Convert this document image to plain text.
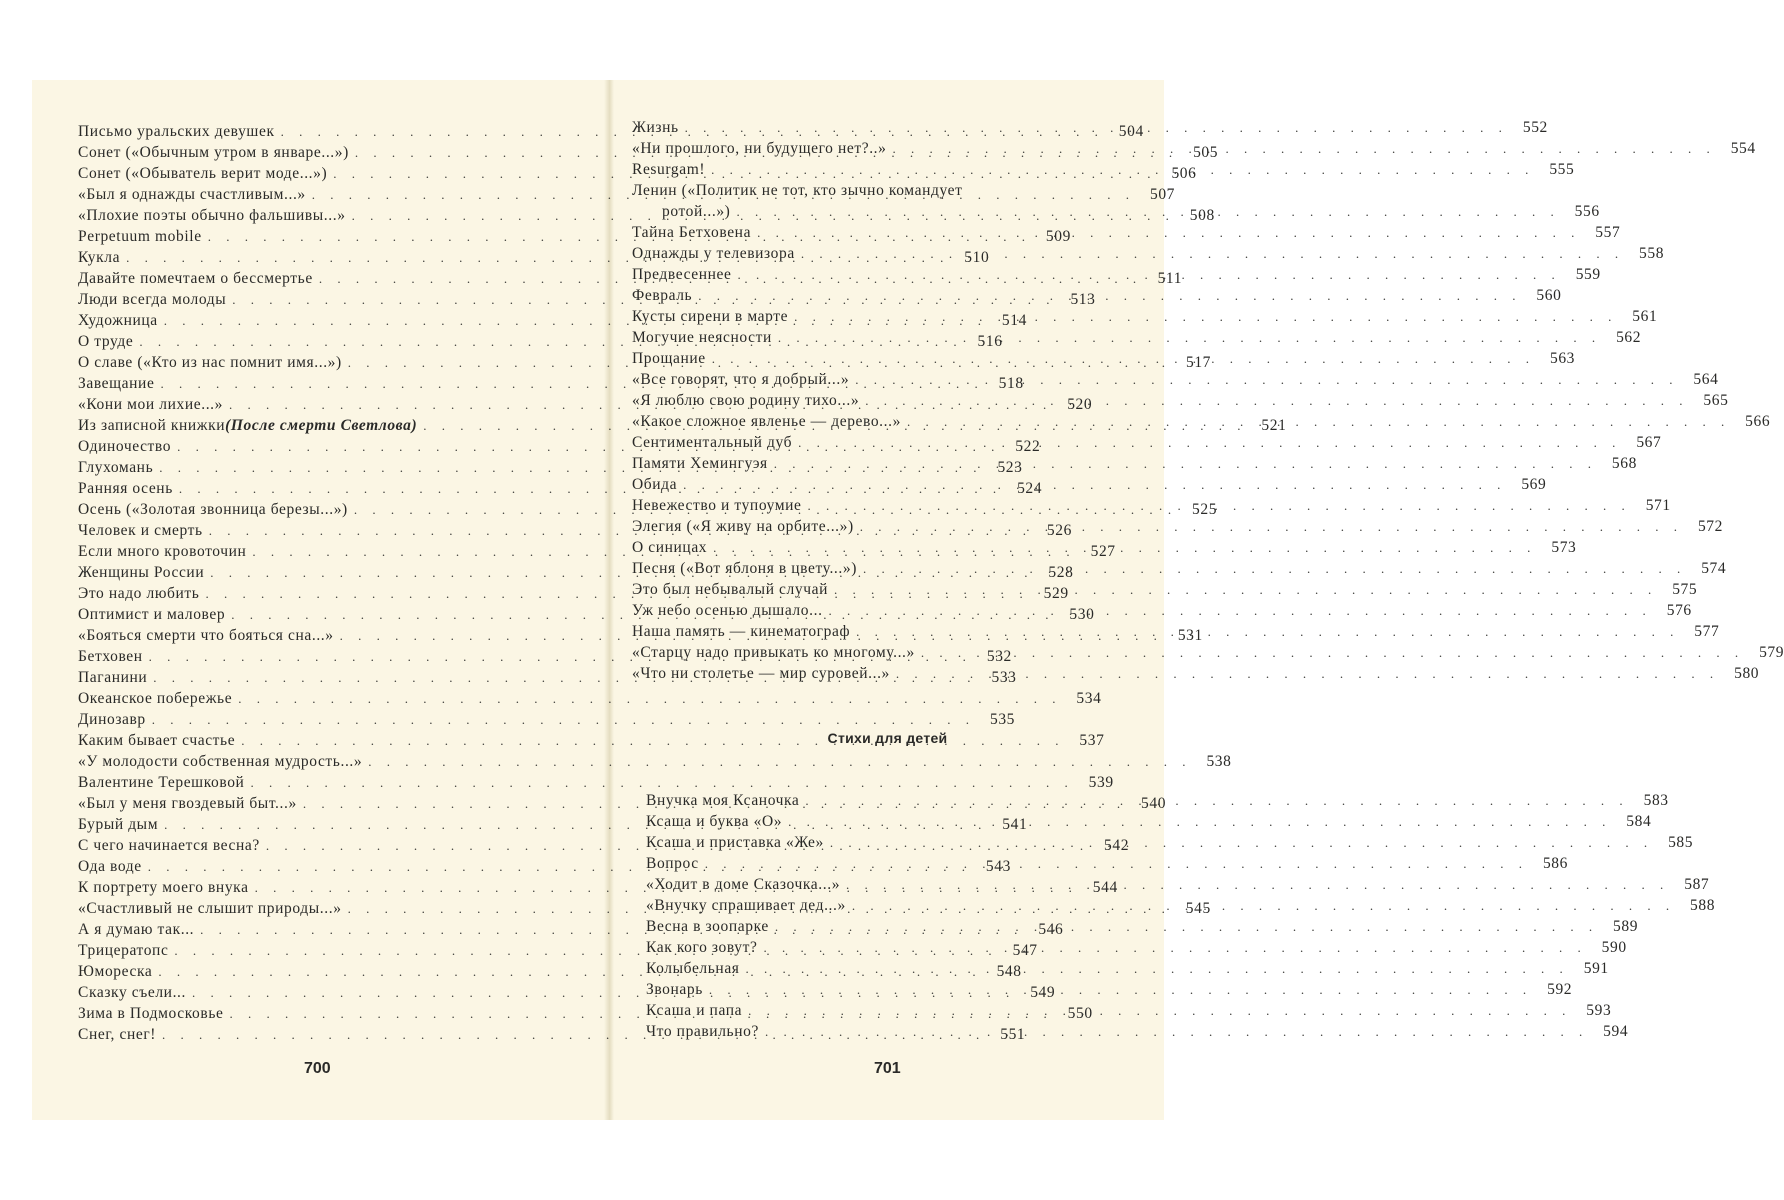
Письмо уральских девушек . . .	504
Сонет («Обычным утром в январе...») . . .	505
Сонет («Обыватель верит моде...») . . .	506
«Был я однажды счастливым...» . . .	507
«Плохие поэты обычно фальшивы...» . . .	508
Perpetuum mobile . . .	509
Кукла . . .	510
Давайте помечтаем о бессмертье . . .	511
Люди всегда молоды . . .	513
Художница . . .	514
О труде . . .	516
О славе («Кто из нас помнит имя...») . . .	517
Завещание . . .	518
«Кони мои лихие...» . . .	520
Из записной книжки (После смерти Светлова) . . .	521
Одиночество . . .	522
Глухомань . . .	523
Ранняя осень . . .	524
Осень («Золотая звонница березы...») . . .	525
Человек и смерть . . .	526
Если много кровоточин . . .	527
Женщины России . . .	528
Это надо любить . . .	529
Оптимист и маловер . . .	530
«Бояться смерти что бояться сна...» . . .	531
Бетховен . . .	532
Паганини . . .	533
Океанское побережье . . .	534
Динозавр . . .	535
Каким бывает счастье . . .	537
«У молодости собственная мудрость...» . . .	538
Валентине Терешковой . . .	539
«Был у меня гвоздевый быт...» . . .	540
Бурый дым . . .	541
С чего начинается весна? . . .	542
Ода воде . . .	543
К портрету моего внука . . .	544
«Счастливый не слышит природы...» . . .	545
А я думаю так... . . .	546
Трицератопс . . .	547
Юмореска . . .	548
Сказку съели... . . .	549
Зима в Подмосковье . . .	550
Снег, снег! . . .	551
Жизнь . . .	552
«Ни прошлого, ни будущего нет?..» . . .	554
Resurgam! . . .	555
Ленин («Политик не тот, кто зычно командует
ротой...») . . .	556
Тайна Бетховена . . .	557
Однажды у телевизора . . .	558
Предвесеннее . . .	559
Февраль . . .	560
Кусты сирени в марте . . .	561
Могучие неясности . . .	562
Прощание . . .	563
«Все говорят, что я добрый...» . . .	564
«Я люблю свою родину тихо...» . . .	565
«Какое сложное явленье — дерево...» . . .	566
Сентиментальный дуб . . .	567
Памяти Хемингуэя . . .	568
Обида . . .	569
Невежество и тупоумие . . .	571
Элегия («Я живу на орбите...») . . .	572
О синицах . . .	573
Песня («Вот яблоня в цвету...») . . .	574
Это был небывалый случай . . .	575
Уж небо осенью дышало... . . .	576
Наша память — кинематограф . . .	577
«Старцу надо привыкать ко многому...» . . .	579
«Что ни столетье — мир суровей...» . . .	580
Стихи для детей
Внучка моя Ксаночка . . .	583
Ксаша и буква «О» . . .	584
Ксаша и приставка «Же» . . .	585
Вопрос . . .	586
«Ходит в доме Сказочка...» . . .	587
«Внучку спрашивает дед...» . . .	588
Весна в зоопарке . . .	589
Как кого зовут? . . .	590
Колыбельная . . .	591
Звонарь . . .	592
Ксаша и папа . . .	593
Что правильно? . . .	594
700	701
